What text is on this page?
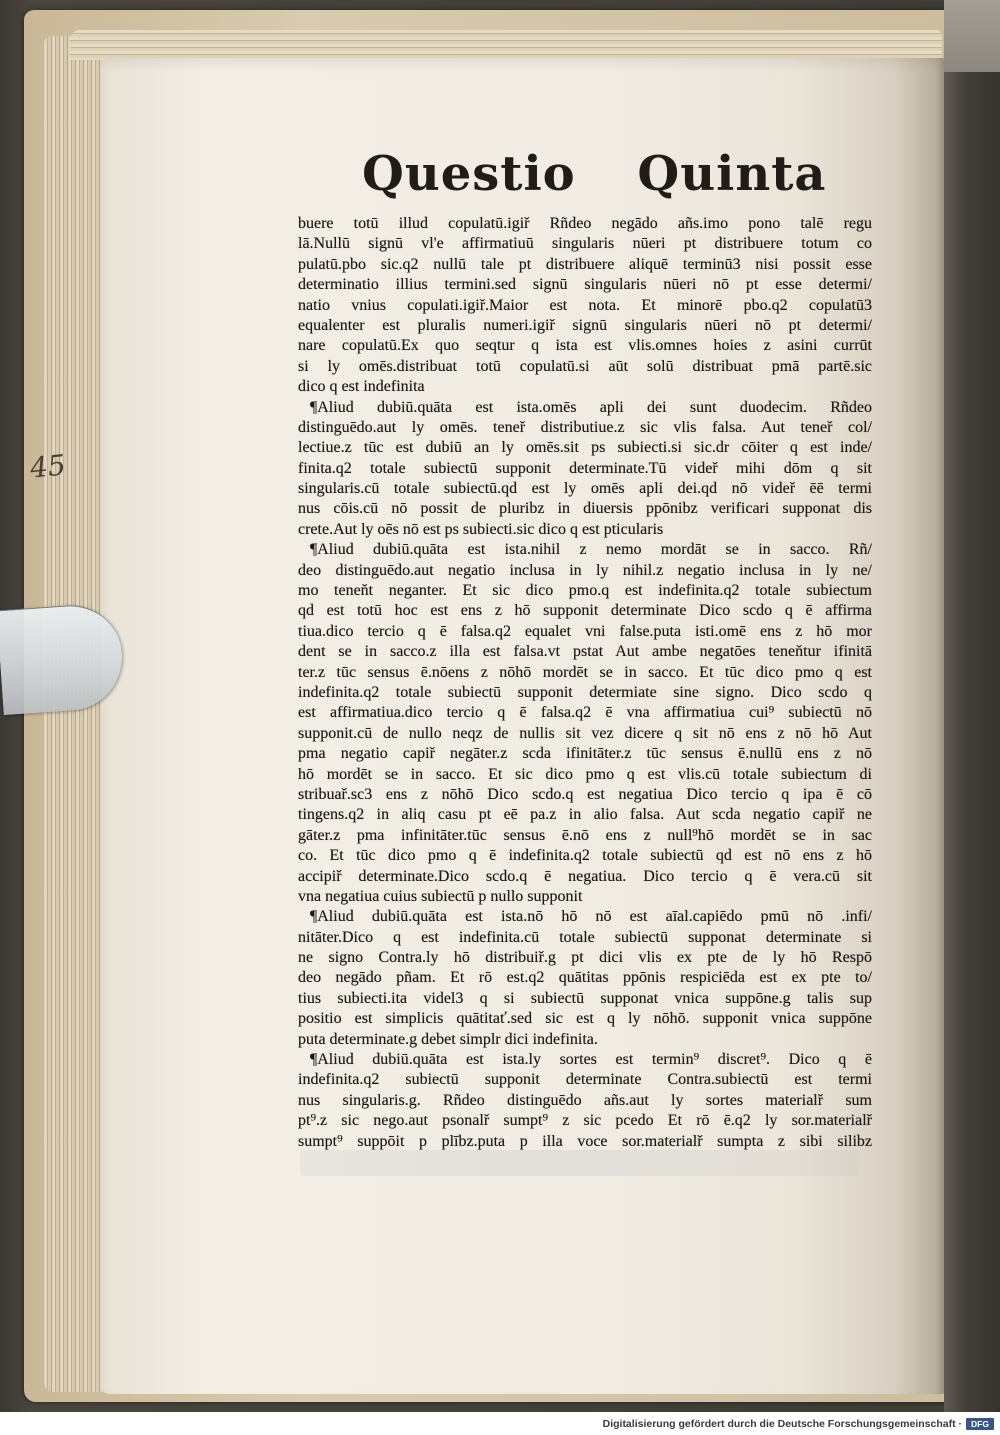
45
Questio Quinta
buere totū illud copulatū.igiř Rñdeo negādo añs.imo pono talē regu
lā.Nullū signū vl'e affirmatiuū singularis nūeri pt distribuere totum co
pulatū.pbo sic.q2 nullū tale pt distribuere aliquē terminū3 nisi possit esse
determinatio illius termini.sed signū singularis nūeri nō pt esse determi/
natio vnius copulati.igiř.Maior est nota. Et minorē pbo.q2 copulatū3
equalenter est pluralis numeri.igiř signū singularis nūeri nō pt determi/
nare copulatū.Ex quo seqtur q ista est vlis.omnes hoies z asini currūt
si ly omēs.distribuat totū copulatū.si aūt solū distribuat pmā partē.sic
dico q est indefinita
¶Aliud dubiū.quāta est ista.omēs apli dei sunt duodecim. Rñdeo
distinguēdo.aut ly omēs. teneř distributiue.z sic vlis falsa. Aut teneř col/
lectiue.z tūc est dubiū an ly omēs.sit ps subiecti.si sic.dr cōiter q est inde/
finita.q2 totale subiectū supponit determinate.Tū videř mihi dōm q sit
singularis.cū totale subiectū.qd est ly omēs apli dei.qd nō videř ēē termi
nus cōis.cū nō possit de pluribz in diuersis ppōnibz verificari supponat dis
crete.Aut ly oēs nō est ps subiecti.sic dico q est pticularis
¶Aliud dubiū.quāta est ista.nihil z nemo mordāt se in sacco. Rñ/
deo distinguēdo.aut negatio inclusa in ly nihil.z negatio inclusa in ly ne/
mo teneňt neganter. Et sic dico pmo.q est indefinita.q2 totale subiectum
qd est totū hoc est ens z hō supponit determinate Dico scdo q ē affirma
tiua.dico tercio q ē falsa.q2 equalet vni false.puta isti.omē ens z hō mor
dent se in sacco.z illa est falsa.vt pstat Aut ambe negatōes teneňtur ifinitā
ter.z tūc sensus ē.nōens z nōhō mordēt se in sacco. Et tūc dico pmo q est
indefinita.q2 totale subiectū supponit determiate sine signo. Dico scdo q
est affirmatiua.dico tercio q ē falsa.q2 ē vna affirmatiua cui⁹ subiectū nō
supponit.cū de nullo neqz de nullis sit vez dicere q sit nō ens z nō hō Aut
pma negatio capiř negāter.z scda ifinitāter.z tūc sensus ē.nullū ens z nō
hō mordēt se in sacco. Et sic dico pmo q est vlis.cū totale subiectum di
stribuař.sc3 ens z nōhō Dico scdo.q est negatiua Dico tercio q ipa ē cō
tingens.q2 in aliq casu pt eē pa.z in alio falsa. Aut scda negatio capiř ne
gāter.z pma infinitāter.tūc sensus ē.nō ens z null⁹hō mordēt se in sac
co. Et tūc dico pmo q ē indefinita.q2 totale subiectū qd est nō ens z hō
accipiř determinate.Dico scdo.q ē negatiua. Dico tercio q ē vera.cū sit
vna negatiua cuius subiectū p nullo supponit
¶Aliud dubiū.quāta est ista.nō hō nō est aīal.capiēdo pmū nō .infi/
nitāter.Dico q est indefinita.cū totale subiectū supponat determinate si
ne signo Contra.ly hō distribuiř.g pt dici vlis ex pte de ly hō Respō
deo negādo pñam. Et rō est.q2 quātitas ppōnis respiciēda est ex pte to/
tius subiecti.ita videl3 q si subiectū supponat vnica suppōne.g talis sup
positio est simplicis quātitať.sed sic est q ly nōhō. supponit vnica suppōne
puta determinate.g debet simplr dici indefinita.
¶Aliud dubiū.quāta est ista.ly sortes est termin⁹ discret⁹. Dico q ē
indefinita.q2 subiectū supponit determinate Contra.subiectū est termi
nus singularis.g. Rñdeo distinguēdo añs.aut ly sortes materialř sum
pt⁹.z sic nego.aut psonalř sumpt⁹ z sic pcedo Et rō ē.q2 ly sor.materialř
sumpt⁹ suppōit p plībz.puta p illa voce sor.materialř sumpta z sibi silibz
Digitalisierung gefördert durch die Deutsche Forschungsgemeinschaft ·	DFG
